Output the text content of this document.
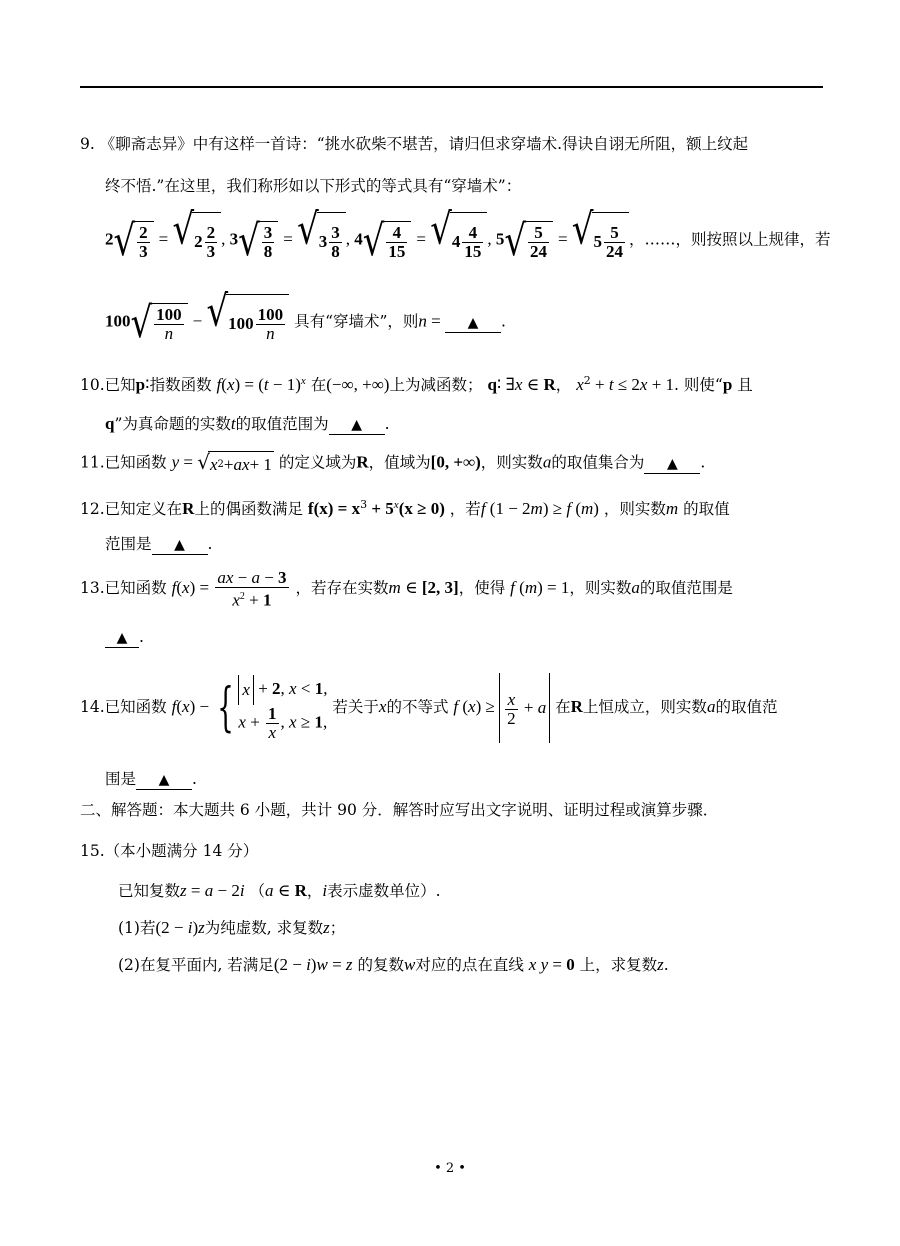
9. 《聊斋志异》中有这样一首诗：“挑水砍柴不堪苦，请归但求穿墙术.得诀自诩无所阻，额上纹起
终不悟.”在这里，我们称形如以下形式的等式具有“穿墙术”：
2 √ $\frac{2}{3}$ = √ $2 \frac{2}{3}$ , 3 √ $\frac{3}{8}$ = √ $3 \frac{3}{8}$ , 4 √ $\frac{4}{15}$ = √ $4 \frac{4}{15}$ , 5 √ $\frac{5}{24}$ = √ $5 \frac{5}{24}$ ，……，则按照以上规律，若
100 √ $\frac{100}{n}$ − √ $100 \frac{100}{n}$ 具有“穿墙术”，则n = ▲ .
10.已知p∶指数函数 $f(x) = (t - 1)^x$ 在(−∞, +∞)上为减函数； q∶ ∃x ∈ R， $x^2 + t \le 2x + 1$. 则使“p 且
q”为真命题的实数t的取值范围为 ▲ .
11.已知函数 y = √ x 2 + ax + 1 的定义域为R，值域为[0, +∞)，则实数a的取值集合为 ▲ .
12.已知定义在R上的偶函数满足 $f(x) = x^3 + 5^x(x \ge 0)$ ，若f (1 − 2m) ≥ f (m) ，则实数m 的取值
范围是 ▲ .
13.已知函数 $f(x) = \frac{ax - a - 3}{x^2 + 1}$ ，若存在实数m ∈ [2, 3]，使得 f (m) = 1，则实数a的取值范围是
▲ .
14.已知函数 f(x) − { x + 2, x < 1,
$x + \frac{1}{x}$ , x ≥ 1,
若关于x的不等式 f $(x) \ge \frac{x}{2} + a$ 在R上恒成立，则实数a的取值范
围是 ▲ .
二、解答题：本大题共 6 小题，共计 90 分．解答时应写出文字说明、证明过程或演算步骤．
15.（本小题满分 14 分）
已知复数z = a − 2i （a ∈ R，i表示虚数单位）.
(1)若(2 − i)z为纯虚数, 求复数z；
(2)在复平面内, 若满足(2 − i)w = z 的复数w对应的点在直线 x y = 0 上，求复数z.
• 2 •
